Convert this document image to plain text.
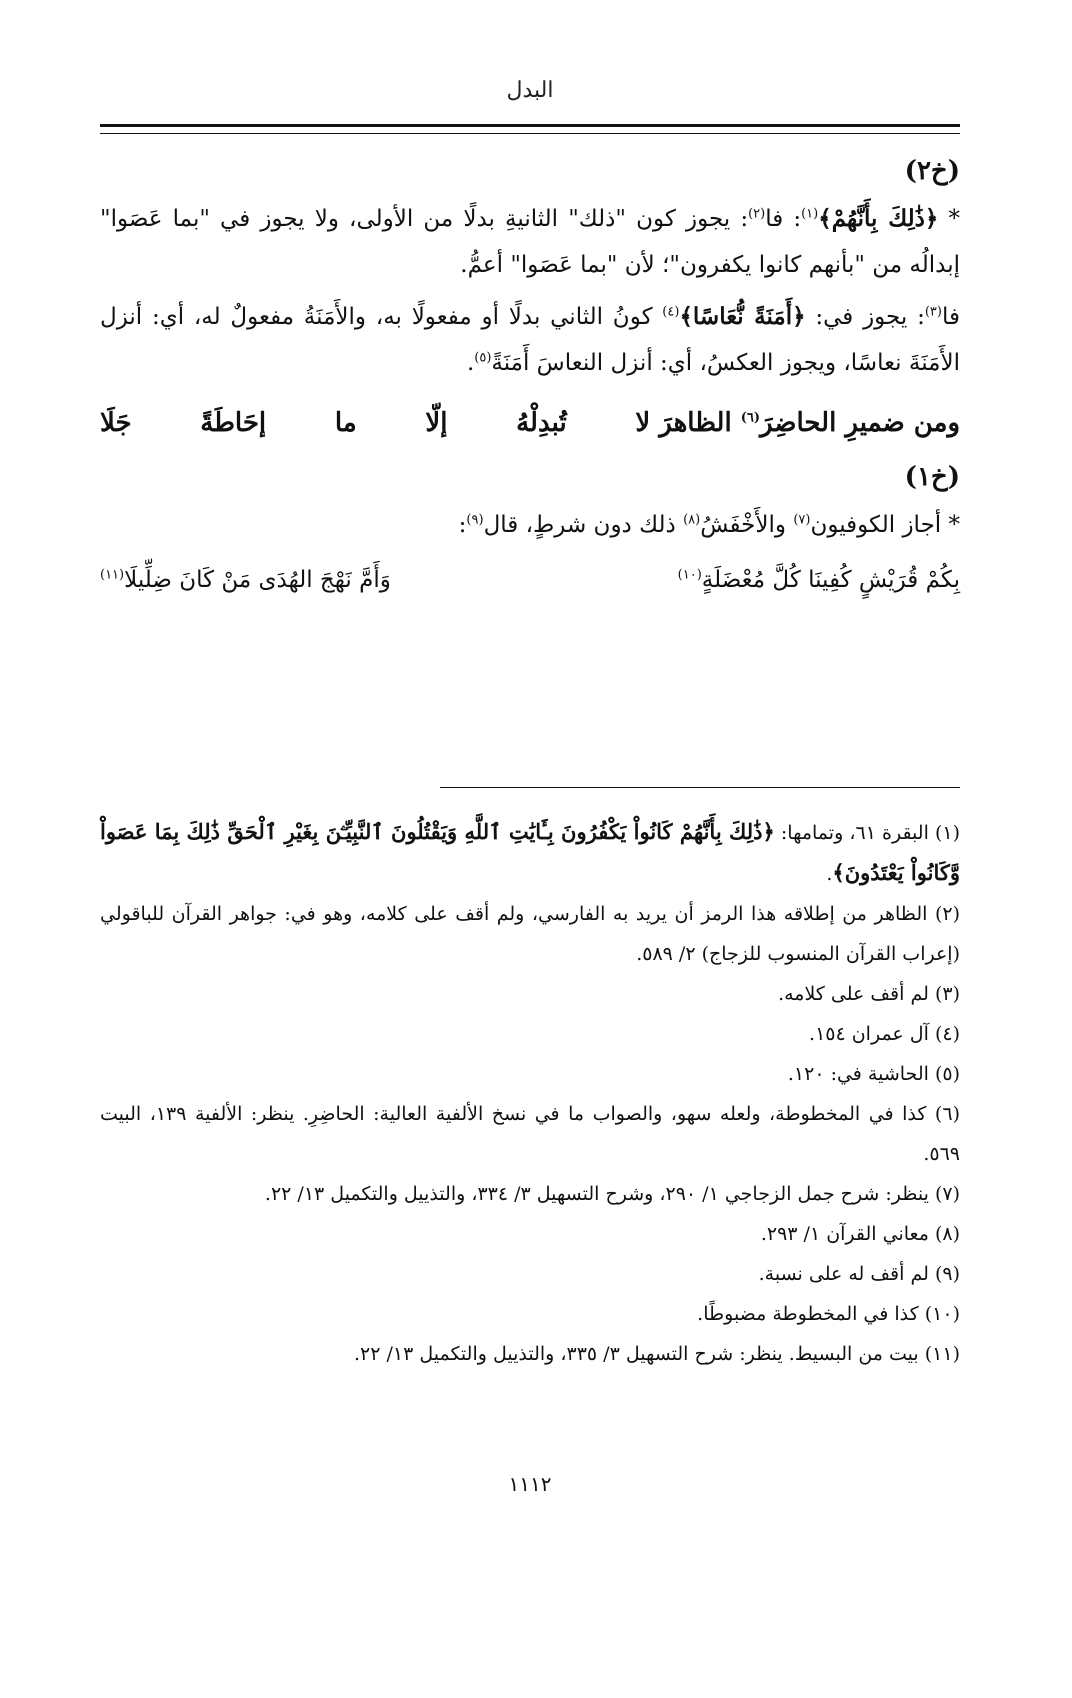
البدل

(خ٢)

* ﴿ذَٰلِكَ بِأَنَّهُمْ﴾$^{(١)}$: فا$^{(٢)}$: يجوز كون "ذلك" الثانيةِ بدلًا من الأولى، ولا يجوز في "بما عَصَوا" إبدالُه من "بأنهم كانوا يكفرون"؛ لأن "بما عَصَوا" أعمُّ.

فا$^{(٣)}$: يجوز في: ﴿أَمَنَةً نُّعَاسًا﴾$^{(٤)}$ كونُ الثاني بدلًا أو مفعولًا به، والأَمَنَةُ مفعولٌ له، أي: أنزل الأَمَنَةَ نعاسًا، ويجوز العكسُ، أي: أنزل النعاسَ أَمَنَةً$^{(٥)}$.

ومن ضميرِ الحاضِرَ$^{(٦)}$ الظاهرَ لا
تُبدِلْهُ
إلّا
ما
إحَاطَةً
جَلَا

(خ١)

* أجاز الكوفيون$^{(٧)}$ والأَخْفَشُ$^{(٨)}$ ذلك دون شرطٍ، قال$^{(٩)}$:

بِكُمْ قُرَيْشٍ كُفِينَا كُلَّ مُعْضَلَةٍ$^{(١٠)}$
وَأَمَّ نَهْجَ الهُدَى مَنْ كَانَ ضِلِّيلَا$^{(١١)}$

(١) البقرة ٦١، وتمامها: ﴿ذَٰلِكَ بِأَنَّهُمْ كَانُواْ يَكْفُرُونَ بِـَٔايَٰتِ ٱللَّهِ وَيَقْتُلُونَ ٱلنَّبِيِّـۧنَ بِغَيْرِ ٱلْحَقِّ ذَٰلِكَ بِمَا عَصَواْ وَّكَانُواْ يَعْتَدُونَ﴾.

(٢) الظاهر من إطلاقه هذا الرمز أن يريد به الفارسي، ولم أقف على كلامه، وهو في: جواهر القرآن للباقولي (إعراب القرآن المنسوب للزجاج) ٢/ ٥٨٩.

(٣) لم أقف على كلامه.

(٤) آل عمران ١٥٤.

(٥) الحاشية في: ١٢٠.

(٦) كذا في المخطوطة، ولعله سهو، والصواب ما في نسخ الألفية العالية: الحاضِرِ. ينظر: الألفية ١٣٩، البيت ٥٦٩.

(٧) ينظر: شرح جمل الزجاجي ١/ ٢٩٠، وشرح التسهيل ٣/ ٣٣٤، والتذييل والتكميل ١٣/ ٢٢.

(٨) معاني القرآن ١/ ٢٩٣.

(٩) لم أقف له على نسبة.

(١٠) كذا في المخطوطة مضبوطًا.

(١١) بيت من البسيط. ينظر: شرح التسهيل ٣/ ٣٣٥، والتذييل والتكميل ١٣/ ٢٢.

١١١٢
